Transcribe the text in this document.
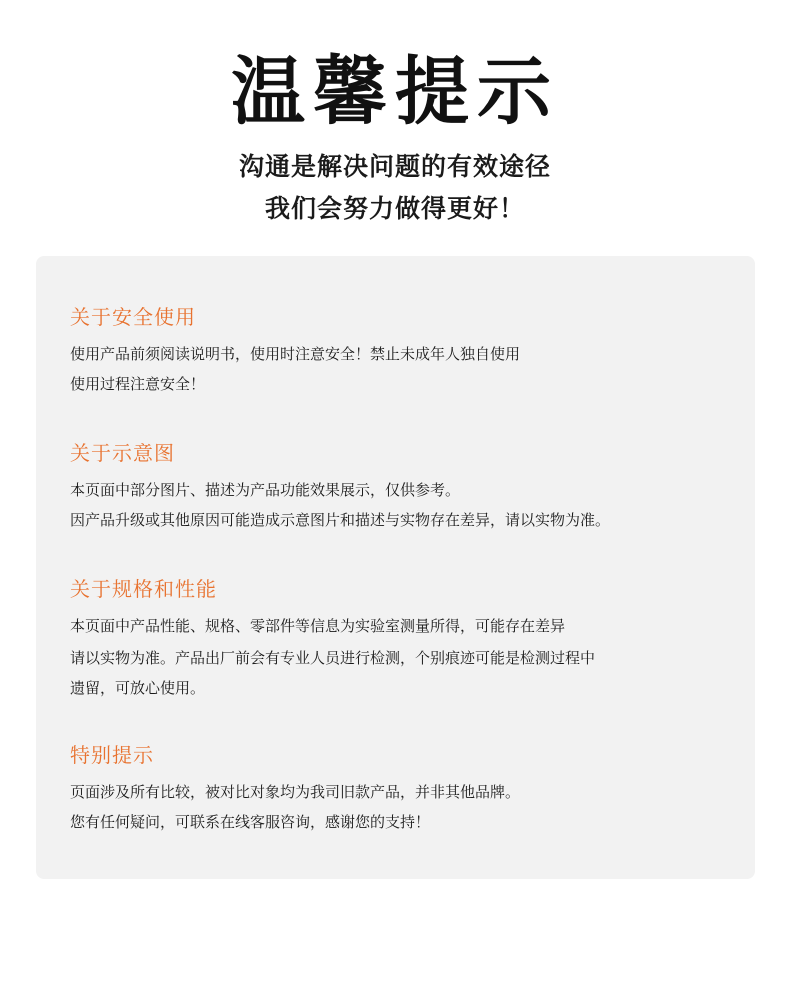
温馨提示
沟通是解决问题的有效途径
我们会努力做得更好！
关于安全使用
使用产品前须阅读说明书，使用时注意安全！禁止未成年人独自使用
使用过程注意安全！
关于示意图
本页面中部分图片、描述为产品功能效果展示，仅供参考。
因产品升级或其他原因可能造成示意图片和描述与实物存在差异，请以实物为准。
关于规格和性能
本页面中产品性能、规格、零部件等信息为实验室测量所得，可能存在差异
请以实物为准。产品出厂前会有专业人员进行检测，个别痕迹可能是检测过程中
遗留，可放心使用。
特别提示
页面涉及所有比较，被对比对象均为我司旧款产品，并非其他品牌。
您有任何疑问，可联系在线客服咨询，感谢您的支持！
